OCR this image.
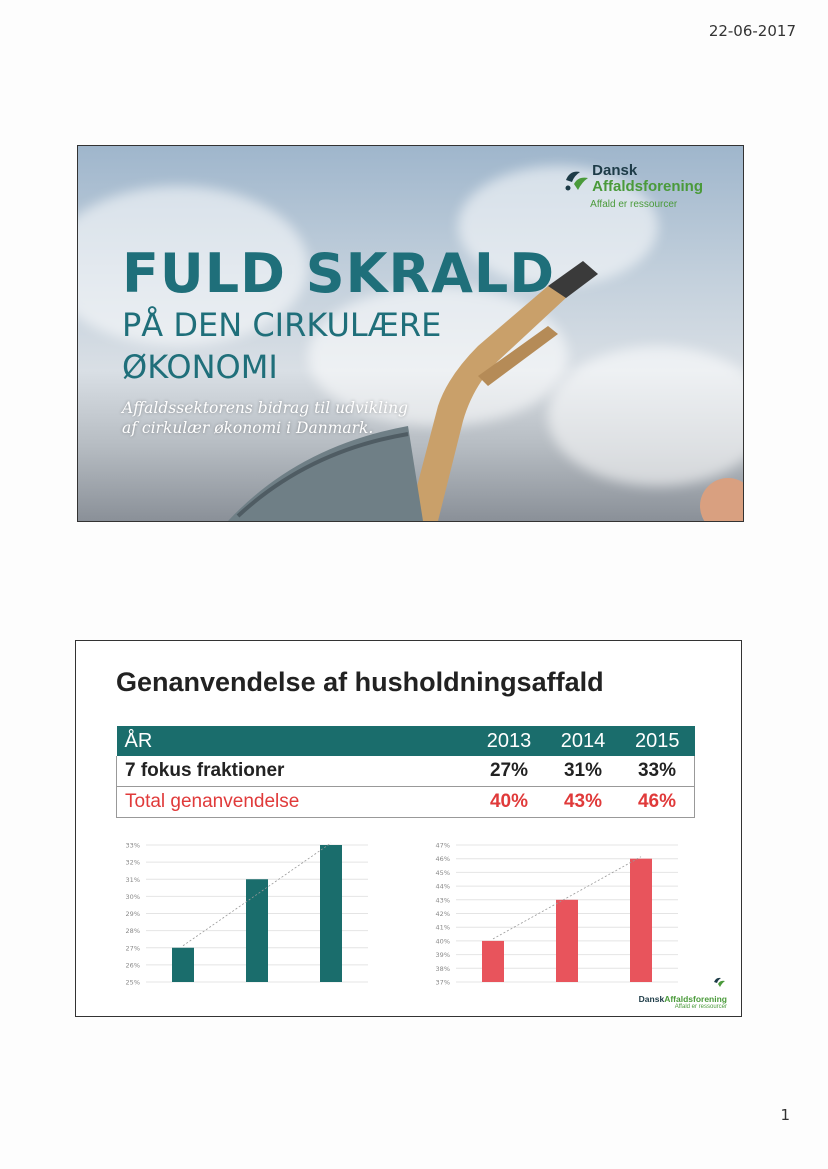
22-06-2017
FULD SKRALD
PÅ DEN CIRKULÆRE
ØKONOMI
Affaldssektorens bidrag til udvikling af cirkulær økonomi i Danmark.
Dansk
Affaldsforening
Affald er ressourcer
Genanvendelse af husholdningsaffald
ÅR	2013	2014	2015
7 fokus fraktioner	27%	31%	33%
Total genanvendelse	40%	43%	46%
25%
26%
27%
28%
29%
30%
31%
32%
33%
37%
38%
39%
40%
41%
42%
43%
44%
45%
46%
47%
DanskAffaldsforening
Affald er ressourcer
1
